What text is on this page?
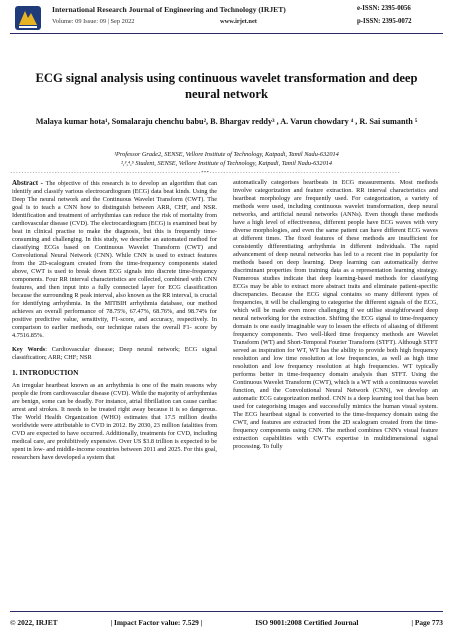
International Research Journal of Engineering and Technology (IRJET)
Volume: 09 Issue: 09 | Sep 2022	www.irjet.net
e-ISSN: 2395-0056
p-ISSN: 2395-0072
ECG signal analysis using continuous wavelet transformation and deep neural network
Malaya kumar hota¹, Somalaraju chenchu babu², B. Bhargav reddy³ , A. Varun chowdary ⁴ , R. Sai sumanth ⁵
¹Professor Grade2, SENSE, Vellore Institute of Technology, Katpadi, Tamil Nadu-632014
²,³,⁴,⁵ Student, SENSE, Vellore Institute of Technology, Katpadi, Tamil Nadu-632014
---------------------------------------------------------------------***---------------------------------------------------------------------

Abstract - The objective of this research is to develop an algorithm that can identify and classify various electrocardiogram (ECG) data beat kinds. Using the Deep The neural network and the Continuous Wavelet Transform (CWT). The goal is to teach a CNN how to distinguish between ARR, CHF, and NSR. Identification and treatment of arrhythmias can reduce the risk of mortality from cardiovascular disease (CVD). The electrocardiogram (ECG) is examined beat by beat in clinical practise to make the diagnosis, but this is frequently time-consuming and challenging. In this study, we describe an automated method for classifying ECGs based on Continuous Wavelet Transform (CWT) and Convolutional Neural Network (CNN). While CNN is used to extract features from the 2D-scalogram created from the time-frequency components stated above, CWT is used to break down ECG signals into discrete time-frequency components. Four RR interval characteristics are collected, combined with CNN features, and then input into a fully connected layer for ECG classification because the surrounding R peak interval, also known as the RR interval, is crucial for identifying arrhythmia. In the MITBIH arrhythmia database, our method achieves an overall performance of 78.75%, 67.47%, 68.76%, and 98.74% for positive predictive value, sensitivity, F1-score, and accuracy, respectively. In comparison to earlier methods, our technique raises the overall F1- score by 4.7516.85%.

Key Words: Cardiovascular disease; Deep neural network; ECG signal classification; ARR; CHF; NSR

1. INTRODUCTION

An irregular heartbeat known as an arrhythmia is one of the main reasons why people die from cardiovascular disease (CVD). While the majority of arrhythmias are benign, some can be deadly. For instance, atrial fibrillation can cause cardiac arrest and strokes. It needs to be treated right away because it is so dangerous. The World Health Organization (WHO) estimates that 17.5 million deaths worldwide were attributable to CVD in 2012. By 2030, 23 million fatalities from CVD are expected to have occurred. Additionally, treatments for CVD, including medical care, are prohibitively expensive. Over US $3.8 trillion is expected to be spent in low- and middle-income countries between 2011 and 2025. For this goal, researchers have developed a system that

automatically categorises heartbeats in ECG measurements. Most methods involve categorization and feature extraction. RR interval characteristics and heartbeat morphology are frequently used. For categorization, a variety of methods were used, including continuous wavelet transformation, deep neural networks, and artificial neural networks (ANNs). Even though these methods have a high level of effectiveness, different people have ECG waves with very diverse morphologies, and even the same patient can have different ECG waves at different times. The fixed features of these methods are insufficient for consistently differentiating arrhythmia in different individuals. The rapid advancement of deep neural networks has led to a recent rise in popularity for methods based on deep learning. Deep learning can automatically derive discriminant properties from training data as a representation learning strategy. Numerous studies indicate that deep learning-based methods for classifying ECGs may be able to extract more abstract traits and eliminate patient-specific discrepancies. Because the ECG signal contains so many different types of frequencies, it will be challenging to categorise the different signals of the ECG, which will be made even more challenging if we utilise straightforward deep neural networking for the extraction. Shifting the ECG signal to time-frequency domain is one easily imaginable way to lessen the effects of aliasing of different frequency components. Two well-liked time frequency methods are Wavelet Transform (WT) and Short-Temporal Fourier Transform (STFT). Although STFT served as inspiration for WT, WT has the ability to provide both high frequency resolution and low time resolution at low frequencies, as well as high time resolution and low frequency resolution at high frequencies. WT typically performs better in time-frequency domain analysis than STFT. Using the Continuous Wavelet Transform (CWT), which is a WT with a continuous wavelet function, and the Convolutional Neural Network (CNN), we develop an automatic ECG categorization method. CNN is a deep learning tool that has been used for categorising images and successfully mimics the human visual system. The ECG heartbeat signal is converted to the time-frequency domain using the CWT, and features are extracted from the 2D scalogram created from the time-frequency components using CNN. The method combines CNN's visual feature extraction capabilities with CWT's expertise in multidimensional signal processing. To fully

© 2022, IRJET	| Impact Factor value: 7.529 |	ISO 9001:2008 Certified Journal	| Page 773
